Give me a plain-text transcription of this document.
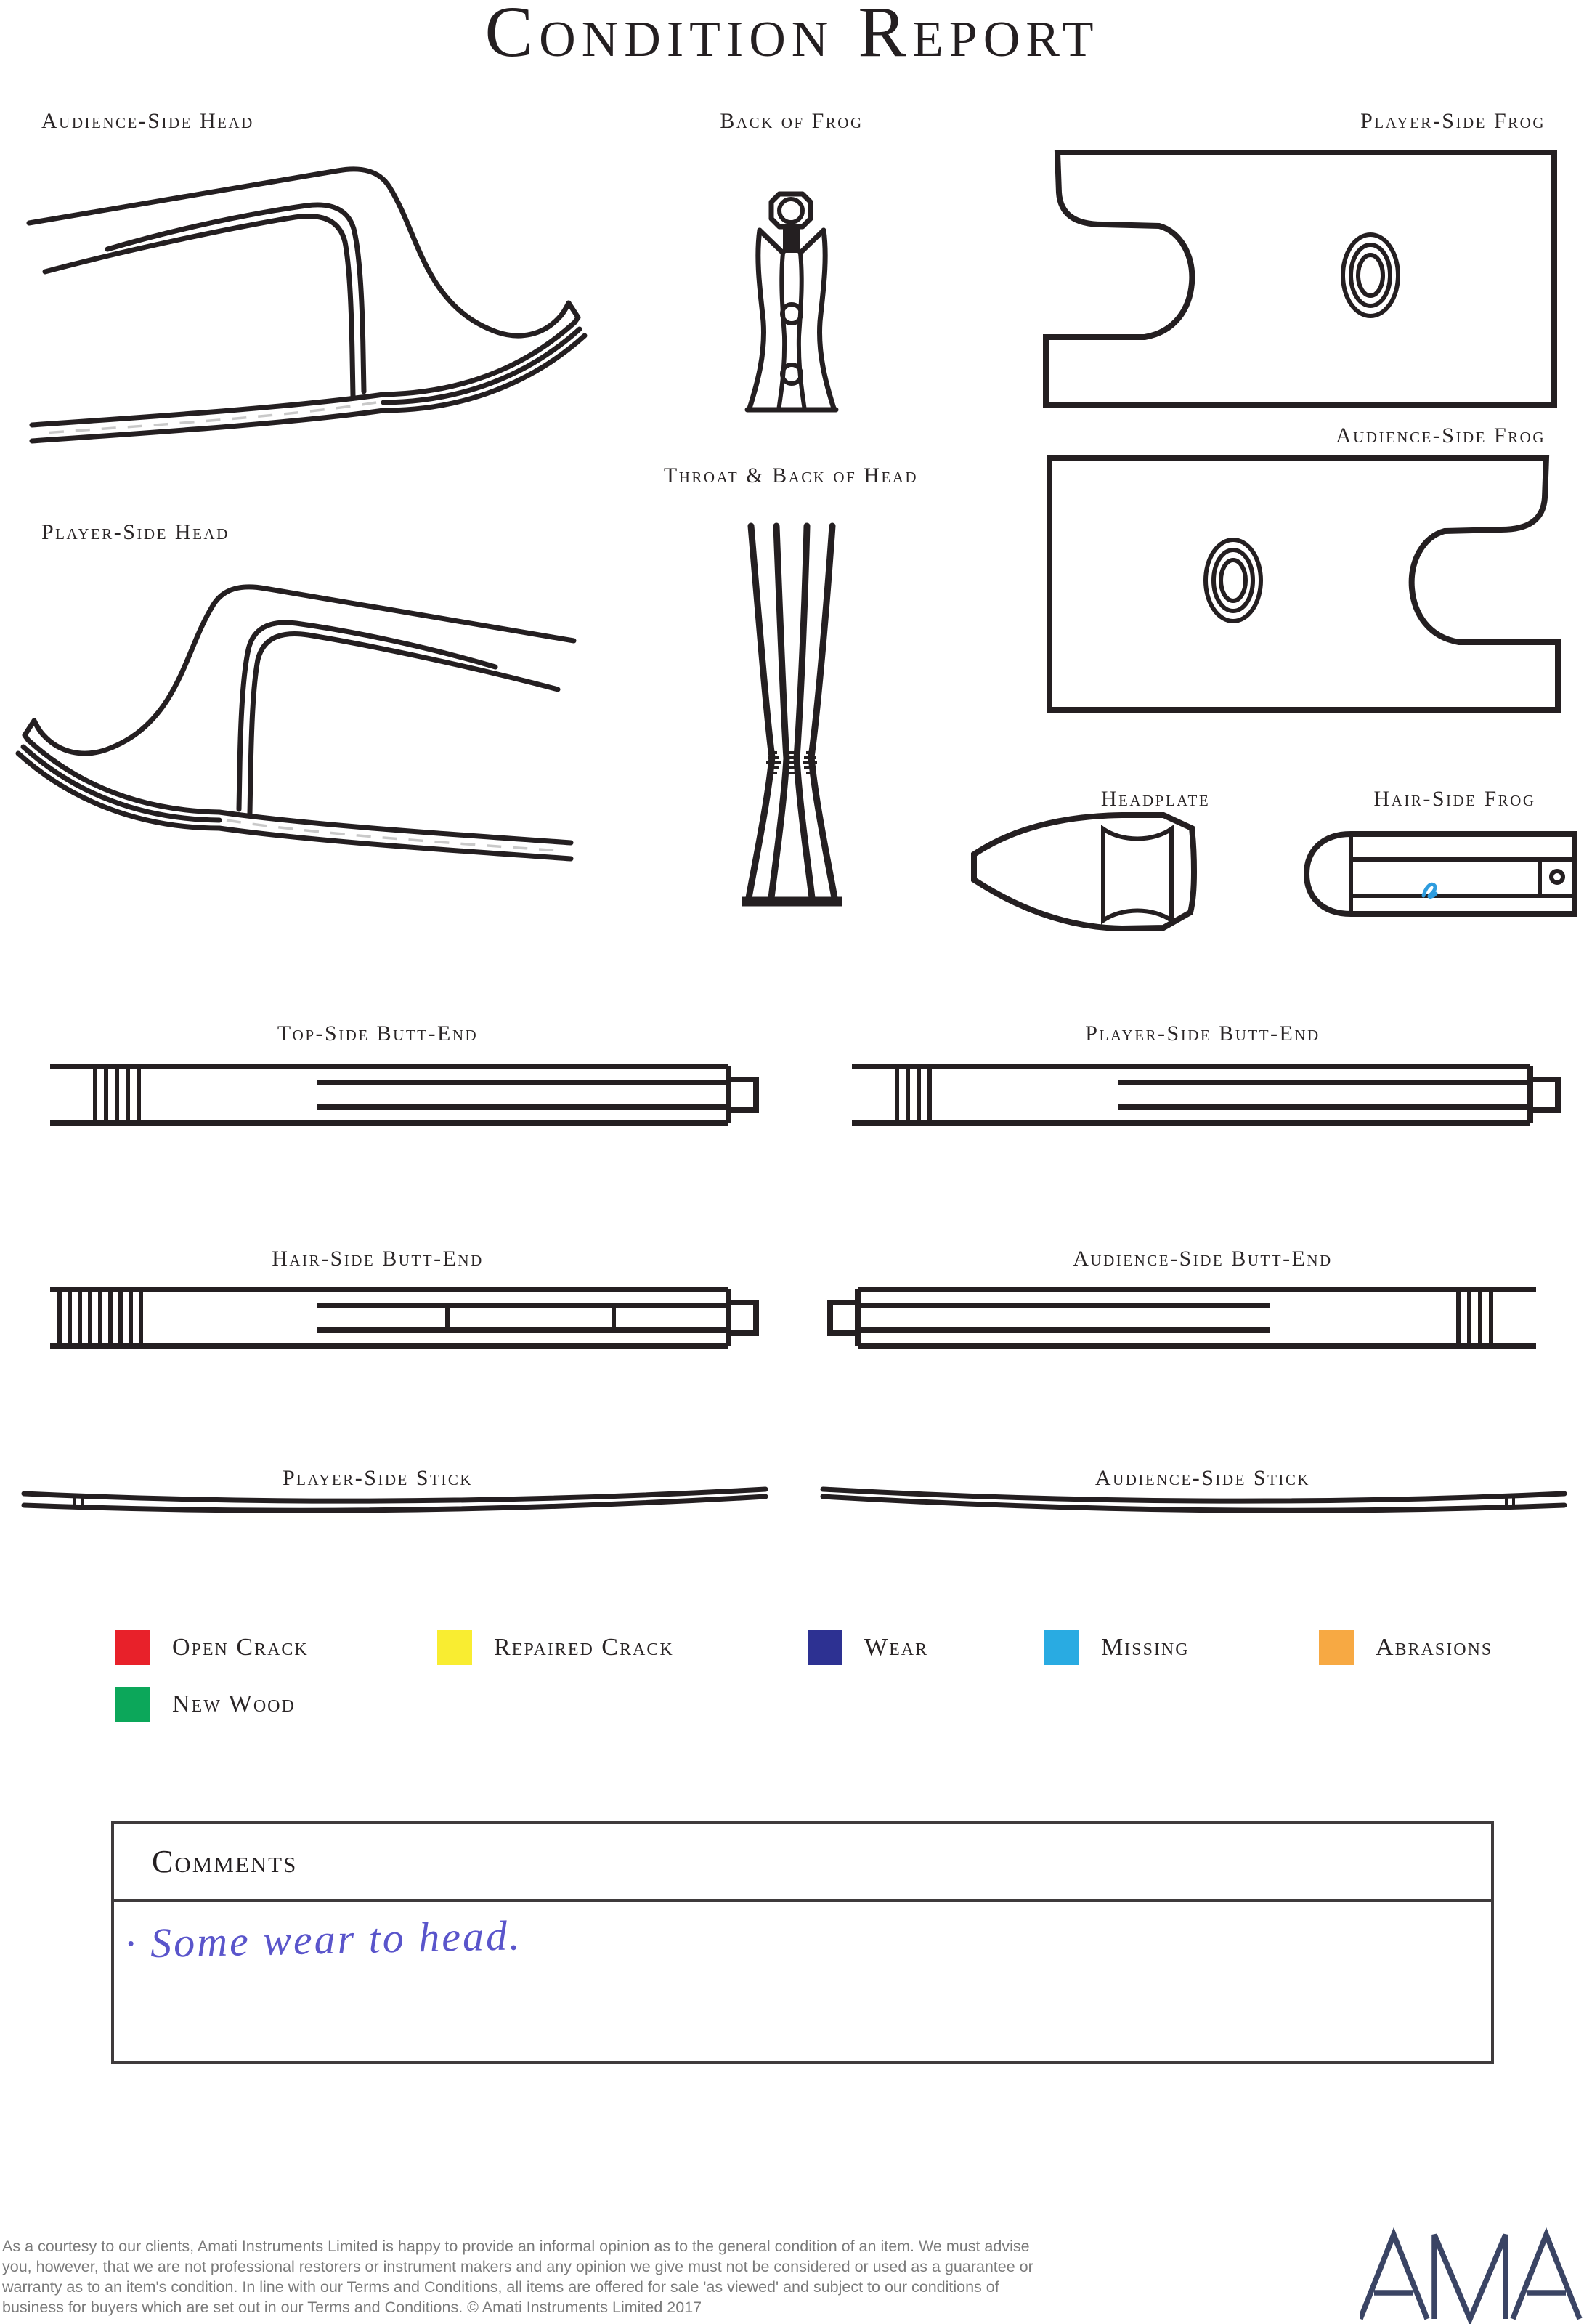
Condition Report
Audience-Side Head	Back of Frog	Player-Side Frog
Audience-Side Frog
Player-Side Head
Throat & Back of Head
Headplate	Hair-Side Frog
Top-Side Butt-End	Player-Side Butt-End
Hair-Side Butt-End	Audience-Side Butt-End
Player-Side Stick	Audience-Side Stick
Open Crack	Repaired Crack	Wear	Missing	Abrasions
New Wood
Comments
· Some wear to head.
As a courtesy to our clients, Amati Instruments Limited is happy to provide an informal opinion as to the general condition of an item. We must advise you, however, that we are not professional restorers or instrument makers and any opinion we give must not be considered or used as a guarantee or warranty as to an item's condition. In line with our Terms and Conditions, all items are offered for sale 'as viewed' and subject to our conditions of business for buyers which are set out in our Terms and Conditions. © Amati Instruments Limited 2017
